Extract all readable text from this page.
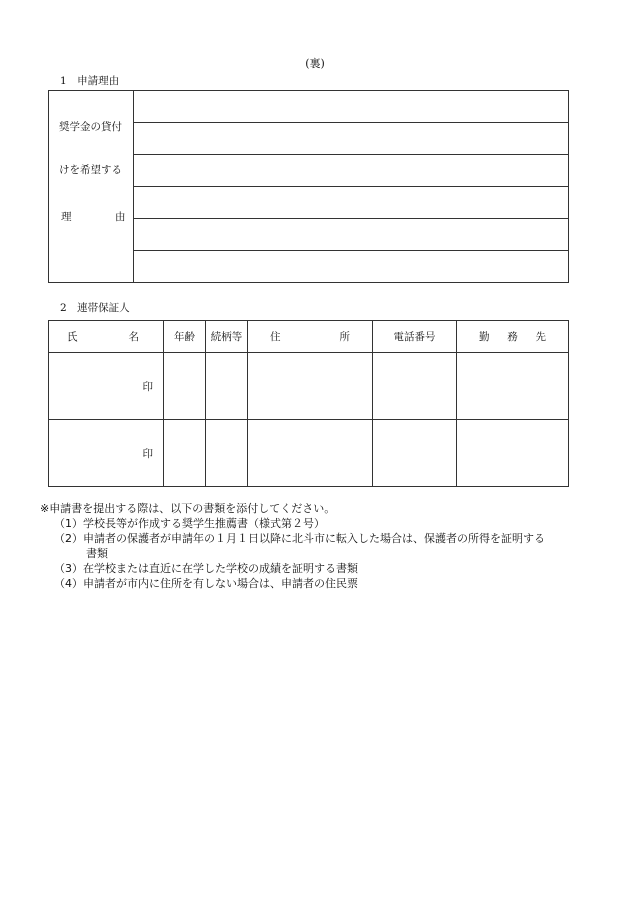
(裏)
1　申請理由
奨学金の貸付
けを希望する
理	由

2　連帯保証人
氏 名	年齢	続柄等	住 所	電話番号	勤 務 先

印					
印					
※申請書を提出する際は、以下の書類を添付してください。
（1）学校長等が作成する奨学生推薦書（様式第２号）
（2）申請者の保護者が申請年の１月１日以降に北斗市に転入した場合は、保護者の所得を証明する
書類
（3）在学校または直近に在学した学校の成績を証明する書類
（4）申請者が市内に住所を有しない場合は、申請者の住民票
